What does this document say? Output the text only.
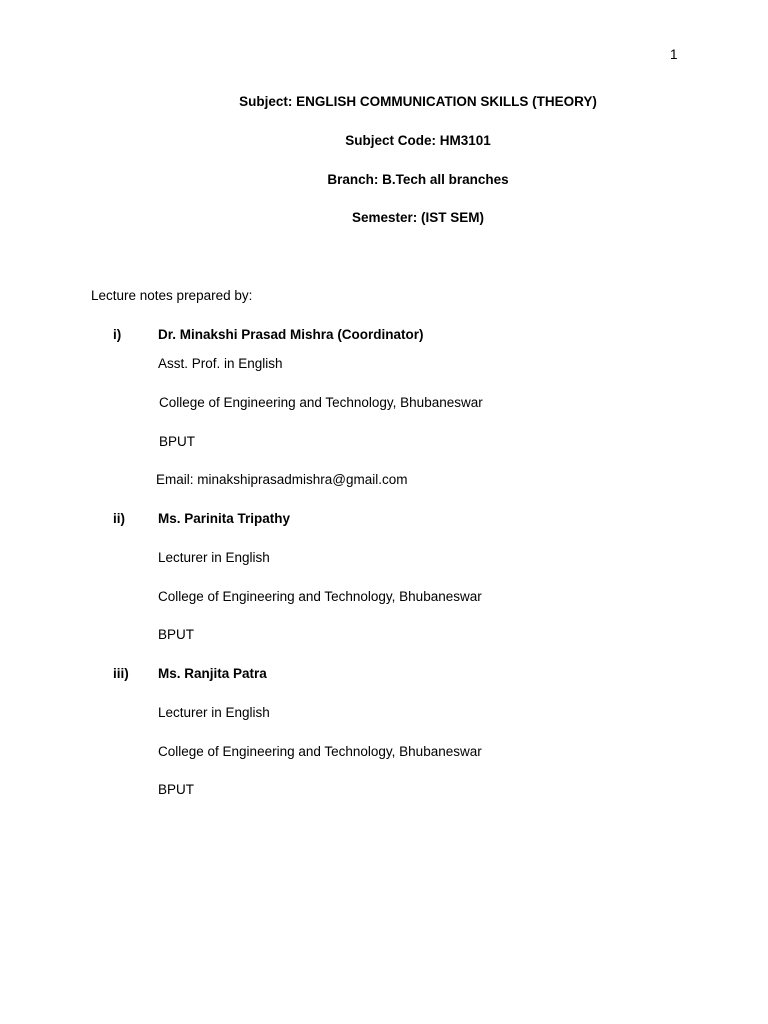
1
Subject: ENGLISH COMMUNICATION SKILLS (THEORY)
Subject Code: HM3101
Branch: B.Tech all branches
Semester: (IST SEM)
Lecture notes prepared by:
i)	Dr. Minakshi Prasad Mishra (Coordinator)
Asst. Prof. in English
College of Engineering and Technology, Bhubaneswar
BPUT
Email: minakshiprasadmishra@gmail.com
ii) Ms. Parinita Tripathy
Lecturer in English
College of Engineering and Technology, Bhubaneswar
BPUT
iii) Ms. Ranjita Patra
Lecturer in English
College of Engineering and Technology, Bhubaneswar
BPUT
